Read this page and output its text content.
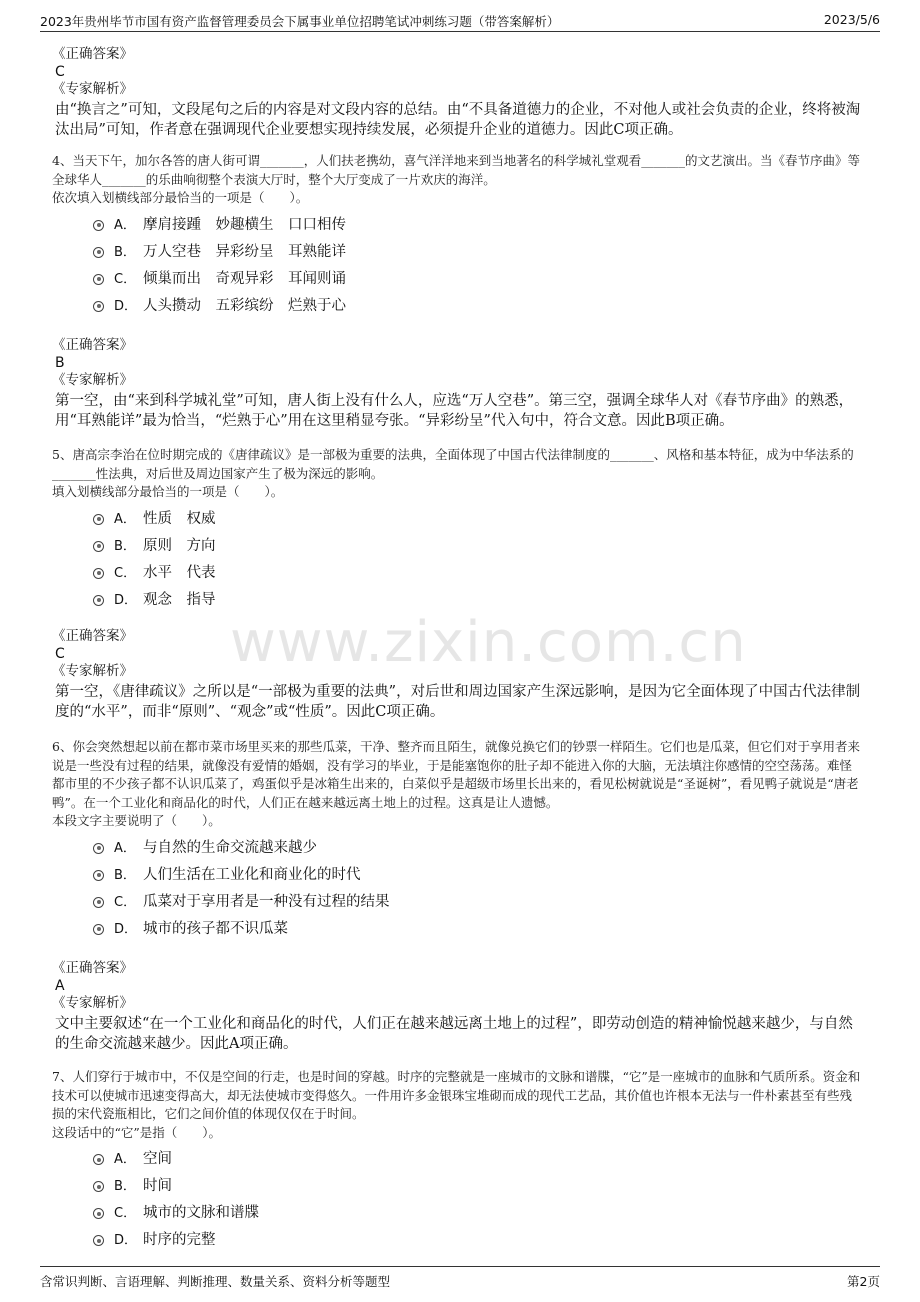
2023年贵州毕节市国有资产监督管理委员会下属事业单位招聘笔试冲刺练习题（带答案解析）	2023/5/6
www.zixin.com.cn
《正确答案》
C
《专家解析》
由“换言之”可知，文段尾句之后的内容是对文段内容的总结。由“不具备道德力的企业，不对他人或社会负责的企业，终将被淘汰出局”可知，作者意在强调现代企业要想实现持续发展，必须提升企业的道德力。因此C项正确。
4、当天下午，加尔各答的唐人街可谓_______，人们扶老携幼，喜气洋洋地来到当地著名的科学城礼堂观看_______的文艺演出。当《春节序曲》等全球华人_______的乐曲响彻整个表演大厅时，整个大厅变成了一片欢庆的海洋。
依次填入划横线部分最恰当的一项是（　　）。
A． 摩肩接踵　妙趣横生　口口相传
B． 万人空巷　异彩纷呈　耳熟能详
C． 倾巢而出　奇观异彩　耳闻则诵
D． 人头攒动　五彩缤纷　烂熟于心
《正确答案》
B
《专家解析》
第一空，由“来到科学城礼堂”可知，唐人街上没有什么人，应选“万人空巷”。第三空，强调全球华人对《春节序曲》的熟悉，用“耳熟能详”最为恰当，“烂熟于心”用在这里稍显夸张。“异彩纷呈”代入句中，符合文意。因此B项正确。
5、唐高宗李治在位时期完成的《唐律疏议》是一部极为重要的法典，全面体现了中国古代法律制度的_______、风格和基本特征，成为中华法系的_______性法典，对后世及周边国家产生了极为深远的影响。
填入划横线部分最恰当的一项是（　　）。
A． 性质　权威
B． 原则　方向
C． 水平　代表
D． 观念　指导
《正确答案》
C
《专家解析》
第一空，《唐律疏议》之所以是“一部极为重要的法典”，对后世和周边国家产生深远影响，是因为它全面体现了中国古代法律制度的“水平”，而非“原则”、“观念”或“性质”。因此C项正确。
6、你会突然想起以前在都市菜市场里买来的那些瓜菜，干净、整齐而且陌生，就像兑换它们的钞票一样陌生。它们也是瓜菜，但它们对于享用者来说是一些没有过程的结果，就像没有爱情的婚姻，没有学习的毕业，于是能塞饱你的肚子却不能进入你的大脑，无法填注你感情的空空荡荡。难怪都市里的不少孩子都不认识瓜菜了，鸡蛋似乎是冰箱生出来的，白菜似乎是超级市场里长出来的，看见松树就说是“圣诞树”，看见鸭子就说是“唐老鸭”。在一个工业化和商品化的时代，人们正在越来越远离土地上的过程。这真是让人遗憾。
本段文字主要说明了（　　）。
A． 与自然的生命交流越来越少
B． 人们生活在工业化和商业化的时代
C． 瓜菜对于享用者是一种没有过程的结果
D． 城市的孩子都不识瓜菜
《正确答案》
A
《专家解析》
文中主要叙述“在一个工业化和商品化的时代，人们正在越来越远离土地上的过程”，即劳动创造的精神愉悦越来越少，与自然的生命交流越来越少。因此A项正确。
7、人们穿行于城市中，不仅是空间的行走，也是时间的穿越。时序的完整就是一座城市的文脉和谱牒，“它”是一座城市的血脉和气质所系。资金和技术可以使城市迅速变得高大，却无法使城市变得悠久。一件用许多金银珠宝堆砌而成的现代工艺品，其价值也许根本无法与一件朴素甚至有些残损的宋代瓷瓶相比，它们之间价值的体现仅仅在于时间。
这段话中的“它”是指（　　）。
A． 空间
B． 时间
C． 城市的文脉和谱牒
D． 时序的完整
含常识判断、言语理解、判断推理、数量关系、资料分析等题型	第2页
